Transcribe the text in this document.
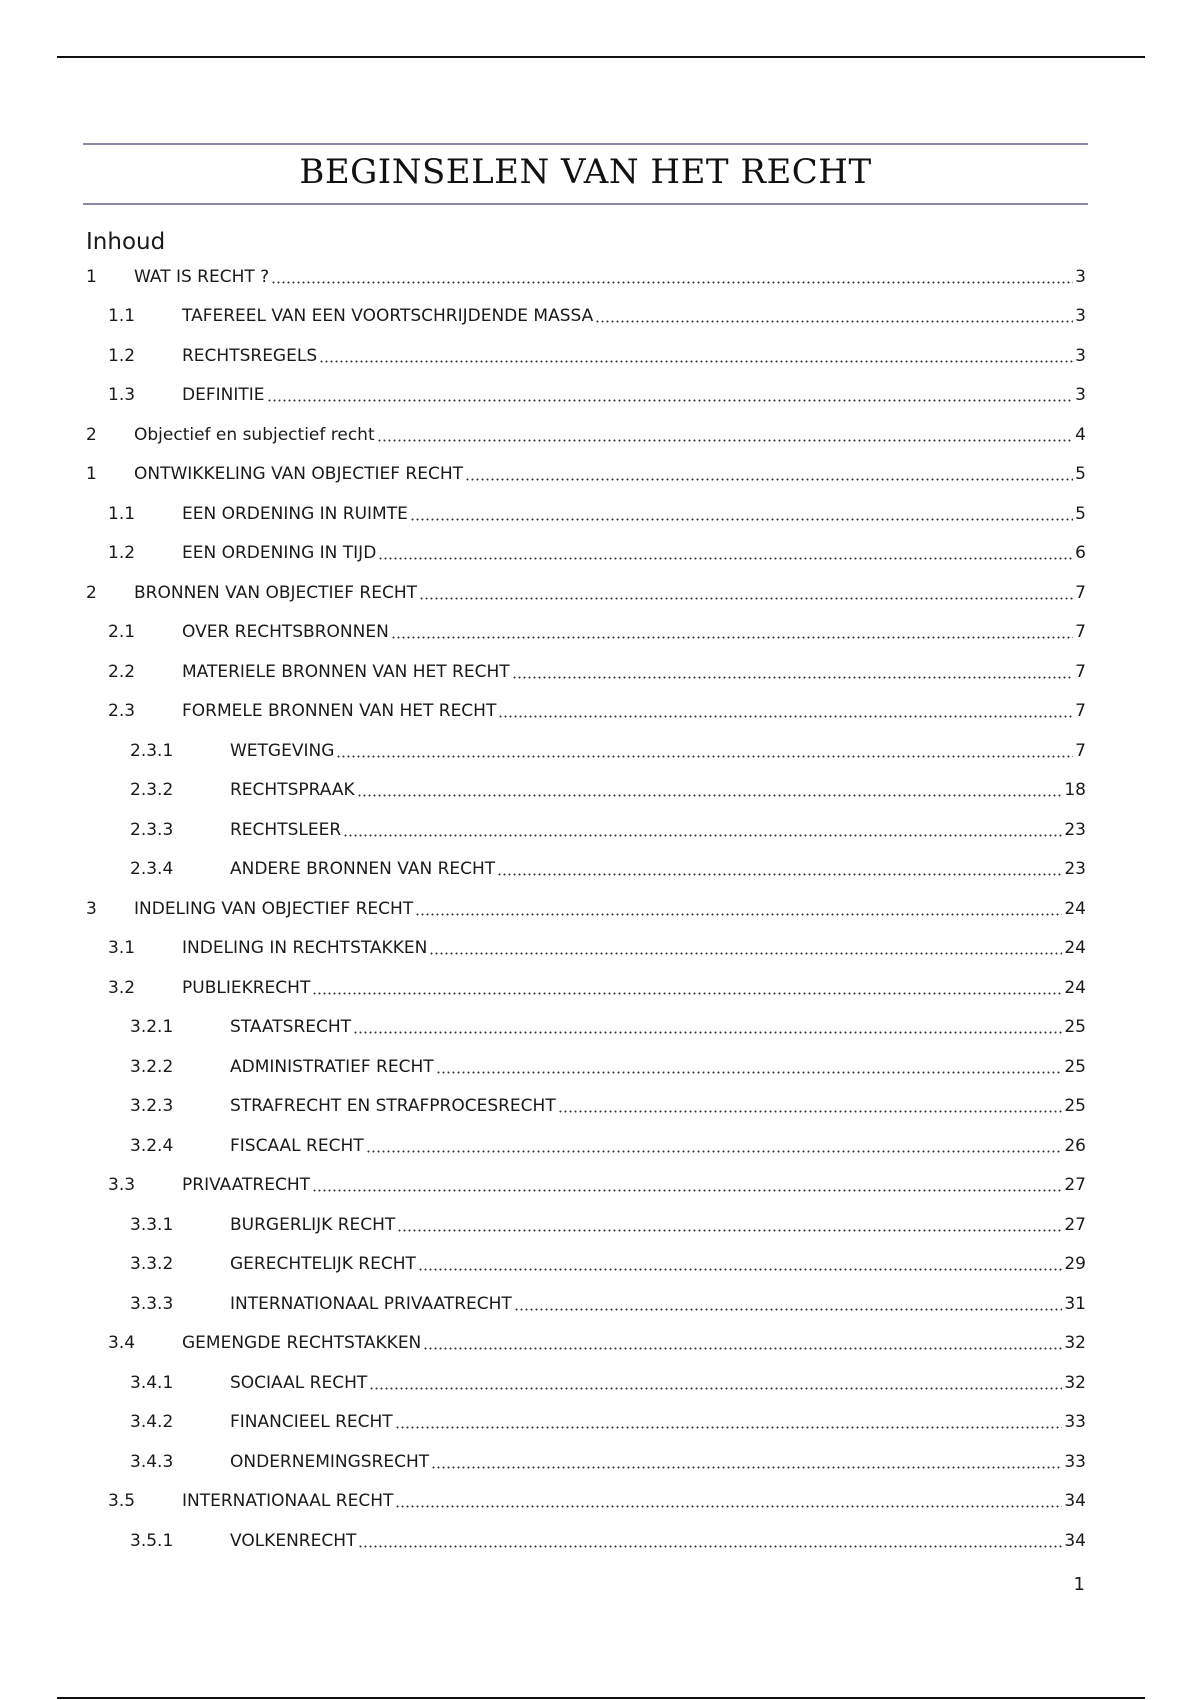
BEGINSELEN VAN HET RECHT
Inhoud
1	WAT IS RECHT ?	3
1.1	TAFEREEL VAN EEN VOORTSCHRIJDENDE MASSA	3
1.2	RECHTSREGELS	3
1.3	DEFINITIE	3
2	Objectief en subjectief recht	4
1	ONTWIKKELING VAN OBJECTIEF RECHT	5
1.1	EEN ORDENING IN RUIMTE	5
1.2	EEN ORDENING IN TIJD	6
2	BRONNEN VAN OBJECTIEF RECHT	7
2.1	OVER RECHTSBRONNEN	7
2.2	MATERIELE BRONNEN VAN HET RECHT	7
2.3	FORMELE BRONNEN VAN HET RECHT	7
2.3.1	WETGEVING	7
2.3.2	RECHTSPRAAK	18
2.3.3	RECHTSLEER	23
2.3.4	ANDERE BRONNEN VAN RECHT	23
3	INDELING VAN OBJECTIEF RECHT	24
3.1	INDELING IN RECHTSTAKKEN	24
3.2	PUBLIEKRECHT	24
3.2.1	STAATSRECHT	25
3.2.2	ADMINISTRATIEF RECHT	25
3.2.3	STRAFRECHT EN STRAFPROCESRECHT	25
3.2.4	FISCAAL RECHT	26
3.3	PRIVAATRECHT	27
3.3.1	BURGERLIJK RECHT	27
3.3.2	GERECHTELIJK RECHT	29
3.3.3	INTERNATIONAAL PRIVAATRECHT	31
3.4	GEMENGDE RECHTSTAKKEN	32
3.4.1	SOCIAAL RECHT	32
3.4.2	FINANCIEEL RECHT	33
3.4.3	ONDERNEMINGSRECHT	33
3.5	INTERNATIONAAL RECHT	34
3.5.1	VOLKENRECHT	34
1
